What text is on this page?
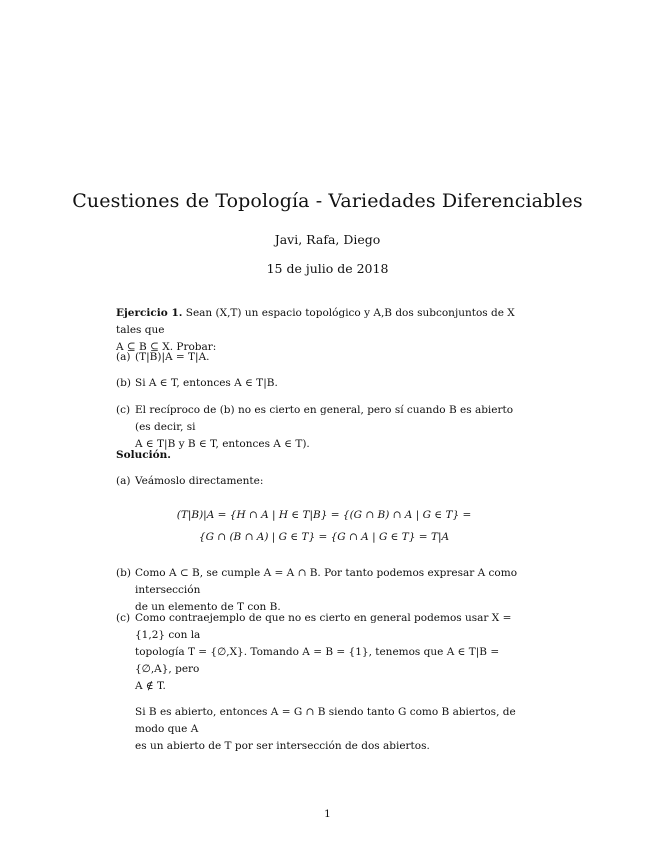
Cuestiones de Topología - Variedades Diferenciables
Javi, Rafa, Diego
15 de julio de 2018
Ejercicio 1. Sean (X,T) un espacio topológico y A,B dos subconjuntos de X tales que
A ⊆ B ⊆ X. Probar:
(a) (T|B)|A = T|A.
(b) Si A ∈ T, entonces A ∈ T|B.
(c) El recíproco de (b) no es cierto en general, pero sí cuando B es abierto (es decir, si
A ∈ T|B y B ∈ T, entonces A ∈ T).
Solución.
(a) Veámoslo directamente:
(T|B)|A = {H ∩ A | H ∈ T|B} = {(G ∩ B) ∩ A | G ∈ T} =
{G ∩ (B ∩ A) | G ∈ T} = {G ∩ A | G ∈ T} = T|A
(b) Como A ⊂ B, se cumple A = A ∩ B. Por tanto podemos expresar A como intersección
de un elemento de T con B.
(c) Como contraejemplo de que no es cierto en general podemos usar X = {1,2} con la
topología T = {∅,X}. Tomando A = B = {1}, tenemos que A ∈ T|B = {∅,A}, pero
A ∉ T.
Si B es abierto, entonces A = G ∩ B siendo tanto G como B abiertos, de modo que A
es un abierto de T por ser intersección de dos abiertos.
1
